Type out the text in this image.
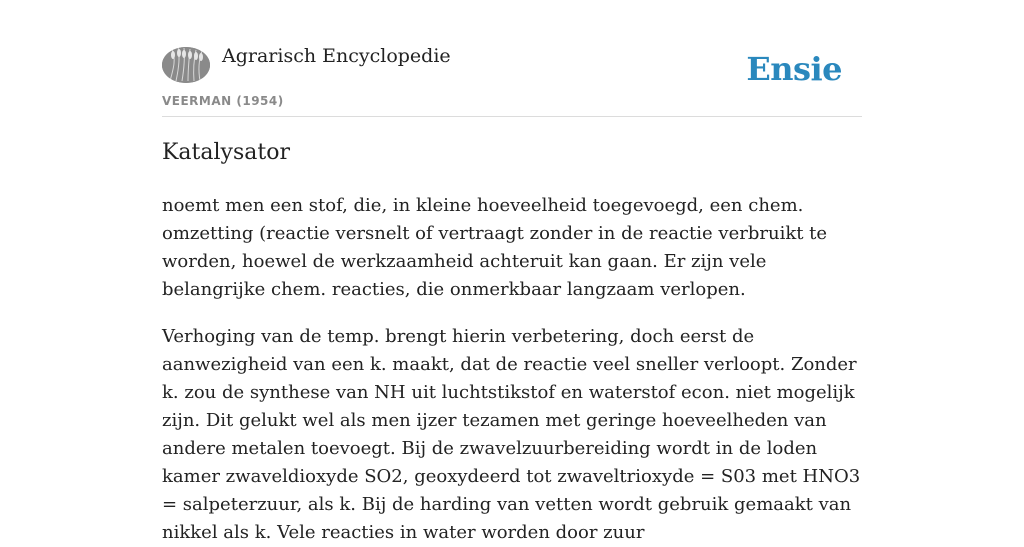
Agrarisch Encyclopedie
VEERMAN (1954)
Ensie
Katalysator

noemt men een stof, die, in kleine hoeveelheid toegevoegd, een chem. omzetting (reactie versnelt of vertraagt zonder in de reactie verbruikt te worden, hoewel de werkzaamheid achteruit kan gaan. Er zijn vele belangrijke chem. reacties, die onmerkbaar langzaam verlopen.

Verhoging van de temp. brengt hierin verbetering, doch eerst de aanwezigheid van een k. maakt, dat de reactie veel sneller verloopt. Zonder k. zou de synthese van NH uit luchtstikstof en waterstof econ. niet mogelijk zijn. Dit gelukt wel als men ijzer tezamen met geringe hoeveelheden van andere metalen toevoegt. Bij de zwavelzuurbereiding wordt in de loden kamer zwaveldioxyde SO2, geoxydeerd tot zwaveltrioxyde = S03 met HNO3 = salpeterzuur, als k. Bij de harding van vetten wordt gebruik gemaakt van nikkel als k. Vele reacties in water worden door zuur
